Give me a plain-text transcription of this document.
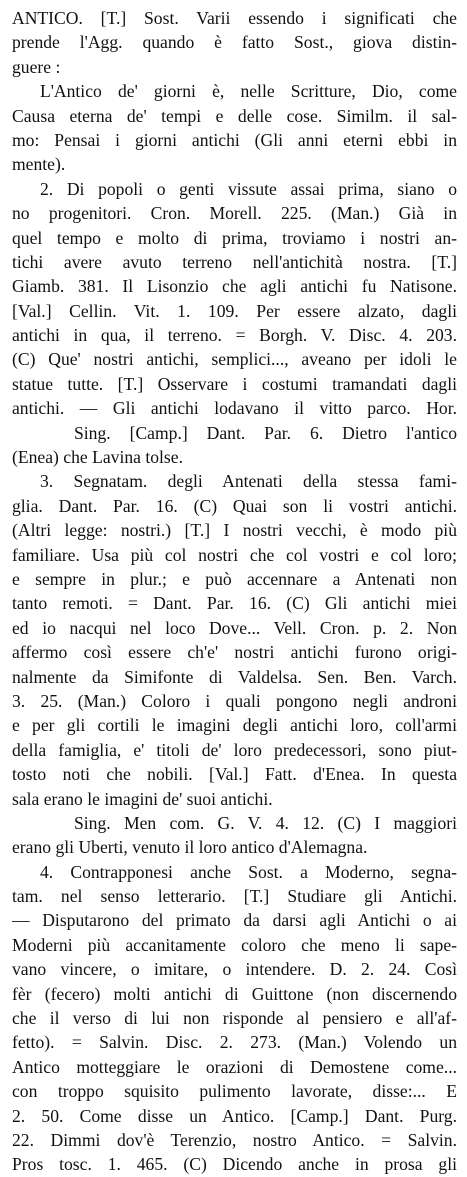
ANTICO. [T.] Sost. Varii essendo i significati che
prende l'Agg. quando è fatto Sost., giova distin-
guere :
L'Antico de' giorni è, nelle Scritture, Dio, come
Causa eterna de' tempi e delle cose. Similm. il sal-
mo: Pensai i giorni antichi (Gli anni eterni ebbi in
mente).
2. Di popoli o genti vissute assai prima, siano o
no progenitori. Cron. Morell. 225. (Man.) Già in
quel tempo e molto di prima, troviamo i nostri an-
tichi avere avuto terreno nell'antichità nostra. [T.]
Giamb. 381. Il Lisonzio che agli antichi fu Natisone.
[Val.] Cellin. Vit. 1. 109. Per essere alzato, dagli
antichi in qua, il terreno. = Borgh. V. Disc. 4. 203.
(C) Que' nostri antichi, semplici..., aveano per idoli le
statue tutte. [T.] Osservare i costumi tramandati dagli
antichi. — Gli antichi lodavano il vitto parco. Hor.
Sing. [Camp.] Dant. Par. 6. Dietro l'antico
(Enea) che Lavina tolse.
3. Segnatam. degli Antenati della stessa fami-
glia. Dant. Par. 16. (C) Quai son li vostri antichi.
(Altri legge: nostri.) [T.] I nostri vecchi, è modo più
familiare. Usa più col nostri che col vostri e col loro;
e sempre in plur.; e può accennare a Antenati non
tanto remoti. = Dant. Par. 16. (C) Gli antichi miei
ed io nacqui nel loco Dove... Vell. Cron. p. 2. Non
affermo così essere ch'e' nostri antichi furono origi-
nalmente da Simifonte di Valdelsa. Sen. Ben. Varch.
3. 25. (Man.) Coloro i quali pongono negli androni
e per gli cortili le imagini degli antichi loro, coll'armi
della famiglia, e' titoli de' loro predecessori, sono piut-
tosto noti che nobili. [Val.] Fatt. d'Enea. In questa
sala erano le imagini de' suoi antichi.
Sing. Men com. G. V. 4. 12. (C) I maggiori
erano gli Uberti, venuto il loro antico d'Alemagna.
4. Contrapponesi anche Sost. a Moderno, segna-
tam. nel senso letterario. [T.] Studiare gli Antichi.
— Disputarono del primato da darsi agli Antichi o ai
Moderni più accanitamente coloro che meno li sape-
vano vincere, o imitare, o intendere. D. 2. 24. Così
fèr (fecero) molti antichi di Guittone (non discernendo
che il verso di lui non risponde al pensiero e all'af-
fetto). = Salvin. Disc. 2. 273. (Man.) Volendo un
Antico motteggiare le orazioni di Demostene come...
con troppo squisito pulimento lavorate, disse:... E
2. 50. Come disse un Antico. [Camp.] Dant. Purg.
22. Dimmi dov'è Terenzio, nostro Antico. = Salvin.
Pros tosc. 1. 465. (C) Dicendo anche in prosa gli
